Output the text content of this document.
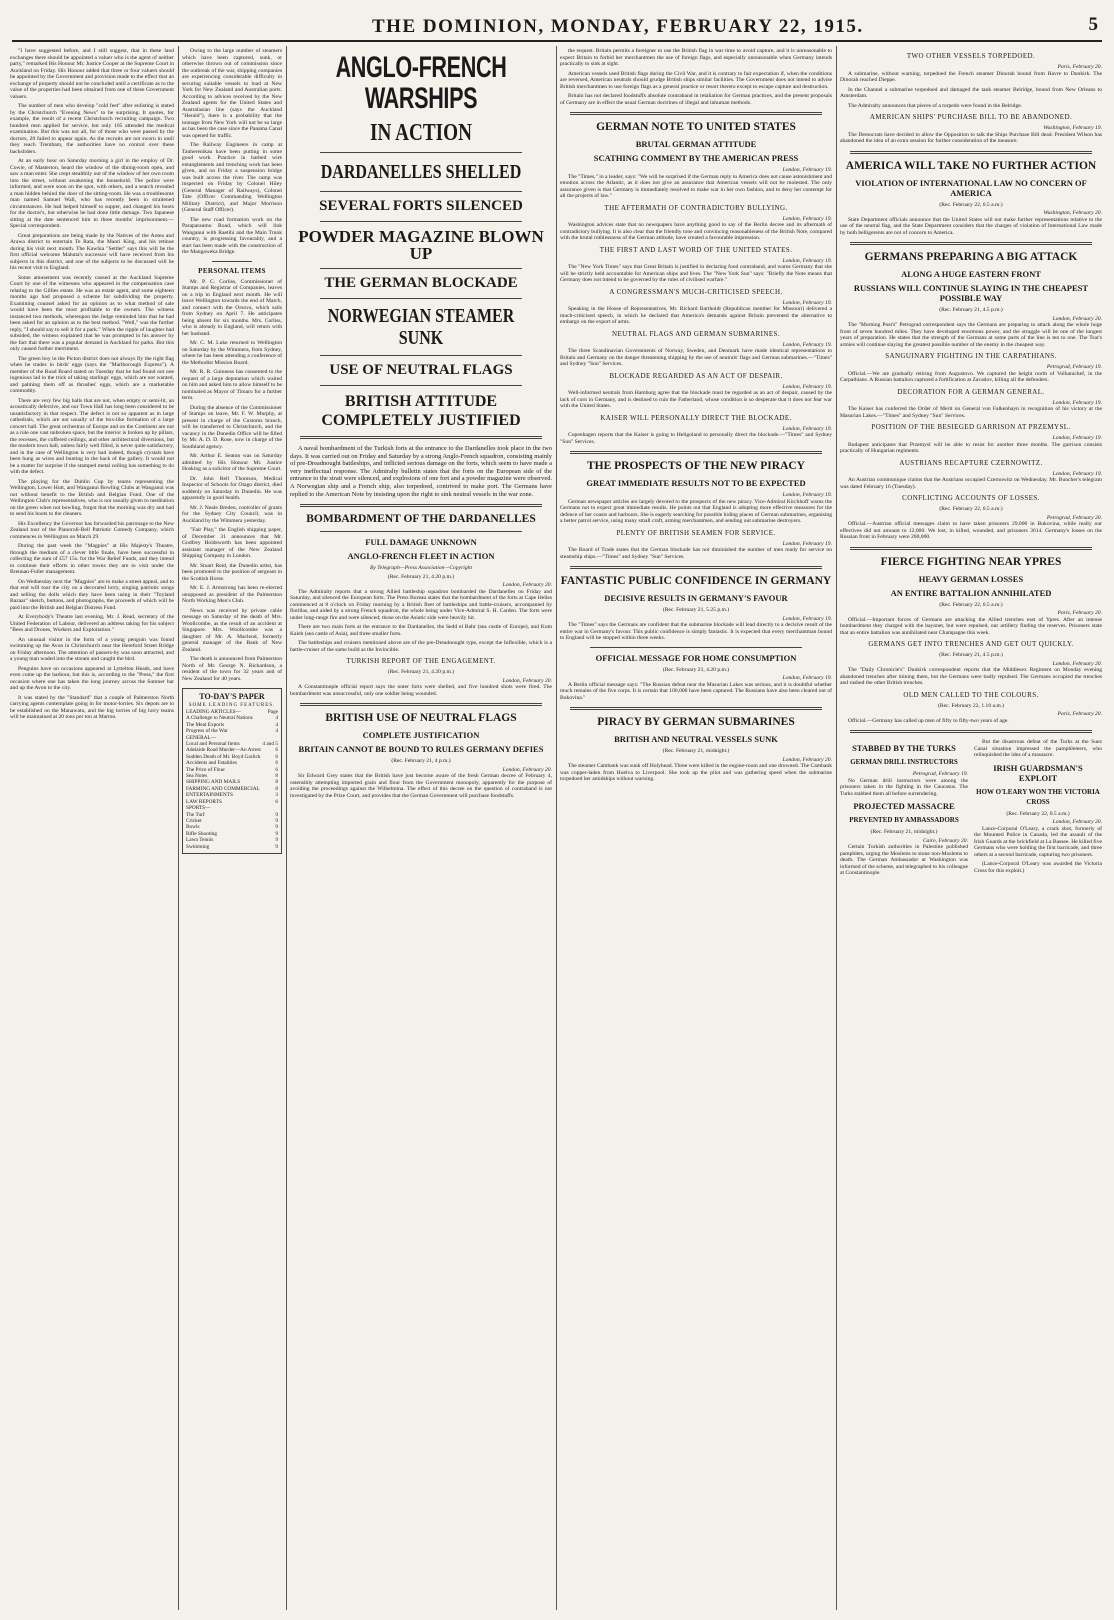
THE DOMINION, MONDAY, FEBRUARY 22, 1915.	5

"I have suggested before, and I still suggest, that in these land exchanges there should be appointed a valuer who is the agent of neither party," remarked His Honour Mr. Justice Cooper at the Supreme Court in Auckland on Friday. His Honour added that three or four valuers should be appointed by the Government and provision made to the effect that an exchange of property should not be concluded until a certificate as to the value of the properties had been obtained from one of these Government valuers.

The number of men who develop "cold feet" after enlisting is stated by the Christchurch "Evening News" to be surprising. It quotes, for example, the result of a recent Christchurch recruiting campaign. Two hundred men applied for service, but only 105 attended the medical examination. But this was not all, for of those who were passed by the doctors, 20 failed to appear again. As the recruits are not sworn in until they reach Trentham, the authorities have no control over these backsliders.

At an early hour on Saturday morning a girl in the employ of Dr. Cowie, of Masterton, heard the window of the dining-room open, and saw a man enter. She crept stealthily out of the window of her own room into the street, without awakening the household. The police were informed, and were soon on the spot, with others, and a search revealed a man hidden behind the door of the sitting-room. He was a troublesome man named Samuel Wall, who has recently been in straitened circumstances. He had helped himself to supper, and changed his boots for the doctor's, but otherwise he had done little damage. Two Japanese sitting at the date sentenced him to three months' imprisonment.—Special correspondent.

Great preparations are being made by the Natives of the Aotea and Arawa district to entertain Te Rata, the Maori King, and his retinue during his visit next month. The Kawhia "Settler" says this will be the first official welcome Mahuta's successor will have received from his subjects in this district, and one of the subjects to be discussed will be his recent visit to England.

Some amusement was recently caused at the Auckland Supreme Court by one of the witnesses who appeared in the compensation case relating to the Gillies estate. He was an estate agent, and some eighteen months ago had proposed a scheme for subdividing the property. Examining counsel asked for an opinion as to what method of sale would have been the most profitable to the owners. The witness instanced two methods, whereupon the Judge reminded him that he had been asked for an opinion as to the best method. "Well," was the further reply, "I should say to sell it for a park." When the ripple of laughter had subsided, the witness explained that he was prompted in his answer by the fact that there was a popular demand in Auckland for parks. But this only caused further merriment.

The green boy in the Picton district does not always fly the right flag when he trades in birds' eggs (says the "Marlborough Express"). A member of the Road Board stated on Tuesday that he had found out one ingenious lad in the trick of taking starlings' eggs, which are not wanted, and palming them off as thrushes' eggs, which are a marketable commodity.

There are very few big halls that are not, when empty or semi-lit, an acoustically defective, and our Town Hall has long been considered to be unsatisfactory in that respect. The defect is not so apparent as in large cathedrals, which are not usually of the box-like formation of a large concert hall. The great orchestras of Europe and on the Continent are not as a rule one vast unbroken space, but the interior is broken up by pillars, the recesses, the coffered ceilings, and other architectural diversions, but the modern town hall, unless fairly well filled, is never quite satisfactory, and in the case of Wellington is very bad indeed, though crystals have been hung as wires and bunting in the back of the gallery. It would not be a matter for surprise if the stamped metal ceiling has something to do with the defect.

The playing for the Dublin Cup by teams representing the Wellington, Lower Hutt, and Wanganui Bowling Clubs at Wanganui was not without benefit to the British and Belgian Fund. One of the Wellington Club's representatives, who is not usually given to meditation on the green when not bowling, forgot that the morning was dry and had to send his boots to the cleaners.

His Excellency the Governor has forwarded his patronage to the New Zealand tour of the Pianoroll-Bell Patriotic Comedy Company, which commences in Wellington on March 29.

During the past week the "Magpies" at His Majesty's Theatre, through the medium of a clever little finale, have been successful in collecting the sum of £57 15s. for the War Relief Funds, and they intend to continue their efforts in other towns they are to visit under the Brennan-Fuller management.

On Wednesday next the "Magpies" are to make a street appeal, and to that end will tour the city on a decorated lorry, singing patriotic songs and selling the dolls which they have been using in their "Toyland Bazaar" sketch, buttons, and photographs, the proceeds of which will be paid into the British and Belgian Distress Fund.

At Everybody's Theatre last evening, Mr. J. Read, secretary of the United Federation of Labour, delivered an address taking for his subject "Bees and Drones, Workers and Exploitation."

An unusual visitor in the form of a young penguin was found swimming up the Avon in Christchurch near the Hereford Street Bridge on Friday afternoon. The attention of passers-by was soon attracted, and a young man waded into the stream and caught the bird.

Penguins have on occasions appeared at Lyttelton Heads, and have even come up the harbour, but this is, according to the "Press," the first occasion where one has taken the long journey across the Sumner bar and up the Avon to the city.

It was stated by the "Standard" that a couple of Palmerston North carrying agents contemplate going in for motor-lorries. Six depots are to be established on the Manawatu, and the big lorries of big lorry teams will be maintained at 20 tons per ton at Marton.

Owing to the large number of steamers which have been captured, sunk, or otherwise thrown out of commission since the outbreak of the war, shipping companies are experiencing considerable difficulty in securing suitable vessels to load at New York for New Zealand and Australian ports. According to advices received by the New Zealand agents for the United States and Australasian line (says the Auckland "Herald"), there is a probability that the tonnage from New York will not be so large as has been the case since the Panama Canal was opened for traffic.

The Railway Engineers in camp at Tauherenikau have been putting in some good work. Practice in barbed wire entanglements and trenching work has been given, and on Friday a suspension bridge was built across the river. The camp was inspected on Friday by Colonel Hiley (General Manager of Railways), Colonel Tate (Officer Commanding Wellington Military District), and Major Morrison (General Staff Officer).

The new road formation work on the Paraparaumu Road, which will link Wanganui with Raetihi and the Main Trunk country, is progressing favourably, and a start has been made with the construction of the Mangaweka Bridge.

PERSONAL ITEMS

Mr. P. C. Corliss, Commissioner of Stamps and Registrar of Companies, leaves on a trip to England next month. He will leave Wellington towards the end of March, and connect with the Orsova, which sails from Sydney on April 7. He anticipates being absent for six months. Mrs. Corliss, who is already in England, will return with her husband.

Mr. C. M. Luke returned to Wellington on Saturday by the Wimmera, from Sydney, where he has been attending a conference of the Methodist Mission Board.

Mr. R. R. Guinness has consented to the request of a large deputation which waited on him and asked him to allow himself to be nominated as Mayor of Timaru for a further term.

During the absence of the Commissioner of Stamps on leave, Mr. F. W. Murphy, at present in charge of the Customs branch, will be transferred to Christchurch, and the vacancy in the Dunedin Office will be filled by Mr. A. D. D. Rose, now in charge of the Southland agency.

Mr. Arthur E. Seaton was on Saturday admitted by His Honour Mr. Justice Hosking as a solicitor of the Supreme Court.

Dr. John Bell Thomson, Medical Inspector of Schools for Otago district, died suddenly on Saturday in Dunedin. He was apparently in good health.

Mr. J. Neale Breden, controller of grants for the Sydney City Council, was in Auckland by the Wimmera yesterday.

"Fair Play," the English shipping paper, of December 31 announces that Mr. Godfrey Holdsworth has been appointed assistant manager of the New Zealand Shipping Company in London.

Mr. Stuart Reid, the Dunedin artist, has been promoted to the position of sergeant in the Scottish Horse.

Mr. E. J. Armstrong has been re-elected unopposed as president of the Palmerston North Working Men's Club.

News was received by private cable message on Saturday of the death of Mrs. Woollcombe, as the result of an accident at Singapore. Mrs. Woollcombe was a daughter of Mr. A. Macleod, formerly general manager of the Bank of New Zealand.

The death is announced from Palmerston North of Mr. George N. Richardson, a resident of the town for 32 years and of New Zealand for 40 years.

TO-DAY'S PAPER
SOME LEADING FEATURES.
LEADING ARTICLES—	Page
A Challenge to Neutral Nations	4
The Meat Exports	4
Progress of the War	4
GENERAL—
Local and Personal Items	4 and 5
Adelaide Road Murder—An Arrest	6
Sudden Death of Mr. Boyd Garlick	6
Accidents and Fatalities	6
The Price of Flour	6
Sea Notes	8
SHIPPING AND MAILS	8
FARMING AND COMMERCIAL	8
ENTERTAINMENTS	3
LAW REPORTS	6
SPORTS—
The Turf	9
Cricket	9
Bowls	9
Rifle Shooting	9
Lawn Tennis	9
Swimming	9
ANGLO-FRENCH WARSHIPS
IN ACTION
DARDANELLES SHELLED
SEVERAL FORTS SILENCED
POWDER MAGAZINE BLOWN UP
THE GERMAN BLOCKADE
NORWEGIAN STEAMER SUNK
USE OF NEUTRAL FLAGS
BRITISH ATTITUDE COMPLETELY JUSTIFIED

A naval bombardment of the Turkish forts at the entrance to the Dardanelles took place in the two days. It was carried out on Friday and Saturday by a strong Anglo-French squadron, consisting mainly of pre-Dreadnought battleships, and inflicted serious damage on the forts, which seem to have made a very ineffectual response. The Admiralty bulletin states that the forts on the European side of the entrance to the strait were silenced, and explosions of one fort and a powder magazine were observed. A Norwegian ship and a French ship, also torpedoed, contrived to make port. The Germans have replied to the American Note by insisting upon the right to sink neutral vessels in the war zone.

BOMBARDMENT OF THE DARDANELLES
FULL DAMAGE UNKNOWN
ANGLO-FRENCH FLEET IN ACTION
By Telegraph—Press Association—Copyright
(Rec. February 21, 4.20 p.m.)
London, February 20.

The Admiralty reports that a strong Allied battleship squadron bombarded the Dardanelles on Friday and Saturday, and silenced the European forts. The Press Bureau states that the bombardment of the forts at Cape Helles commenced at 8 o'clock on Friday morning by a British fleet of battleships and battle-cruisers, accompanied by flotillas, and aided by a strong French squadron, the whole being under Vice-Admiral S. H. Carden. The forts were under long-range fire and were silenced; those on the Asiatic side were heavily hit.

There are two main forts at the entrance to the Dardanelles, the Sedd el Bahr (sea castle of Europe), and Kum Kaleh (sea castle of Asia), and three smaller forts.

The battleships and cruisers mentioned above are of the pre-Dreadnought type, except the Inflexible, which is a battle-cruiser of the same build as the Invincible.

TURKISH REPORT OF THE ENGAGEMENT.
(Rec. February 21, 4.20 p.m.)
London, February 20.

A Constantinople official report says the outer forts were shelled, and five hundred shots were fired. The bombardment was unsuccessful, only one soldier being wounded.

BRITISH USE OF NEUTRAL FLAGS
COMPLETE JUSTIFICATION
BRITAIN CANNOT BE BOUND TO RULES GERMANY DEFIES
(Rec. February 21, 4 p.m.)
London, February 20.

Sir Edward Grey states that the British have just become aware of the fresh German decree of February 4, ostensibly attempting imported grain and flour from the Government monopoly, apparently for the purpose of avoiding the proceedings against the Wilhelmina. The effect of this decree on the question of contraband is not investigated by the Prize Court, and provides that the German Government will purchase foodstuffs.

the request. Britain permits a foreigner to use the British flag in war time to avoid capture, and it is unreasonable to expect Britain to forbid her merchantmen the use of foreign flags, and especially unreasonable when Germany intends practically to sink at sight.

American vessels used British flags during the Civil War, and it is contrary to fair expectation if, when the conditions are reversed, American neutrals should grudge British ships similar facilities. The Government does not intend to advise British merchantmen to use foreign flags as a general practice or resort thereto except to escape capture and destruction.

Britain has not declared foodstuffs absolute contraband in retaliation for German practices, and the present proposals of Germany are in effect the usual German doctrines of illegal and inhuman methods.

GERMAN NOTE TO UNITED STATES
BRUTAL GERMAN ATTITUDE
SCATHING COMMENT BY THE AMERICAN PRESS
London, February 19.

The "Times," in a leader, says: "We will be surprised if the German reply to America does not cause astonishment and emotion across the Atlantic, as it does not give an assurance that American vessels will not be molested. The only assurance given is that Germany is immediately resolved to make war in her own fashion, and to deny her contempt for all the projects of law."

THE AFTERMATH OF CONTRADICTORY BULLYING.
London, February 19.

Washington advices state that no newspapers have anything good to say of the Berlin decree and its aftermath of contradictory bullying. It is also clear that the friendly tone and convincing reasonableness of the British Note, compared with the brutal ruthlessness of the German attitude, have created a favourable impression.

THE FIRST AND LAST WORD OF THE UNITED STATES.
London, February 19.

The "New York Times" says that Great Britain is justified in declaring food contraband, and warns Germany that she will be strictly held accountable for American ships and lives. The "New York Sun" says: "Briefly the Note means that Germany does not intend to be governed by the rules of civilised warfare."

A CONGRESSMAN'S MUCH-CRITICISED SPEECH.
London, February 19.

Speaking in the House of Representatives, Mr. Richard Bartholdt (Republican member for Missouri) delivered a much-criticised speech, in which he declared that America's demands against Britain prevented the alternative to embargo on the export of arms.

NEUTRAL FLAGS AND GERMAN SUBMARINES.
London, February 19.

The three Scandinavian Governments of Norway, Sweden, and Denmark have made identical representations to Britain and Germany on the danger threatening shipping by the use of neutrals' flags and German submarines.—"Times" and Sydney "Sun" Services.

BLOCKADE REGARDED AS AN ACT OF DESPAIR.
London, February 19.

Well-informed neutrals from Hamburg agree that the blockade must be regarded as an act of despair, caused by the lack of corn in Germany, and is destined to ruin the Fatherland, whose condition is so desperate that it does not fear war with the United States.

KAISER WILL PERSONALLY DIRECT THE BLOCKADE.
London, February 19.

Copenhagen reports that the Kaiser is going to Heligoland to personally direct the blockade.—"Times" and Sydney "Sun" Services.

THE PROSPECTS OF THE NEW PIRACY
GREAT IMMEDIATE RESULTS NOT TO BE EXPECTED
London, February 19.

German newspaper articles are largely devoted to the prospects of the new piracy. Vice-Admiral Kirchhoff warns the Germans not to expect great immediate results. He points out that England is adopting more effective measures for the defence of her coasts and harbours. She is eagerly searching for possible hiding places of German submarines, organising a better patrol service, using many small craft, arming merchantmen, and sending out submarine destroyers.

PLENTY OF BRITISH SEAMEN FOR SERVICE.
London, February 19.

The Board of Trade states that the German blockade has not diminished the number of men ready for service on steamship ships.—"Times" and Sydney "Sun" Services.

FANTASTIC PUBLIC CONFIDENCE IN GERMANY
DECISIVE RESULTS IN GERMANY'S FAVOUR
(Rec. February 21, 5.25 p.m.)
London, February 19.

The "Times" says the Germans are confident that the submarine blockade will lead directly to a decisive result of the entire war in Germany's favour. This public confidence is simply fantastic. It is expected that every merchantman bound to England will be stopped within three weeks.

OFFICIAL MESSAGE FOR HOME CONSUMPTION
(Rec. February 21, 4.20 p.m.)
London, February 19.

A Berlin official message says: "The Russian defeat near the Masurian Lakes was serious, and it is doubtful whether much remains of the five corps. It is certain that 100,000 have been captured. The Russians have also been cleared out of Bukovina."

PIRACY BY GERMAN SUBMARINES
BRITISH AND NEUTRAL VESSELS SUNK
(Rec. February 21, midnight.)
London, February 20.

The steamer Cambank was sunk off Holyhead. Three were killed in the engine-room and one drowned. The Cambank was copper-laden from Huelva to Liverpool. She took up the pilot and was gathering speed when the submarine torpedoed her amidships without warning.

TWO OTHER VESSELS TORPEDOED.
Paris, February 20.

A submarine, without warning, torpedoed the French steamer Dinorah bound from Havre to Dunkirk. The Dinorah reached Dieppe.

In the Channel a submarine torpedoed and damaged the tank steamer Belridge, bound from New Orleans to Amsterdam.

The Admiralty announces that pieces of a torpedo were found in the Belridge.

AMERICAN SHIPS' PURCHASE BILL TO BE ABANDONED.
Washington, February 19.

The Democrats have decided to allow the Opposition to talk the Ships Purchase Bill dead. President Wilson has abandoned the idea of an extra session for further consideration of the measure.

AMERICA WILL TAKE NO FURTHER ACTION
VIOLATION OF INTERNATIONAL LAW NO CONCERN OF AMERICA
(Rec. February 22, 0.5 a.m.)
Washington, February 20.

State Department officials announce that the United States will not make further representations relative to the use of the neutral flag, and the State Department considers that the charges of violation of International Law made by both belligerents are not of concern to America.

GERMANS PREPARING A BIG ATTACK
ALONG A HUGE EASTERN FRONT
RUSSIANS WILL CONTINUE SLAYING IN THE CHEAPEST POSSIBLE WAY
(Rec. February 21, 4.5 p.m.)
London, February 20.

The "Morning Post's" Petrograd correspondent says the Germans are preparing to attack along the whole huge front of seven hundred miles. They have developed enormous power, and the struggle will be one of the longest years of preparation. He states that the strength of the Germans at some parts of the line is ten to one. The Tsar's armies will continue slaying the greatest possible number of the enemy in the cheapest way.

SANGUINARY FIGHTING IN THE CARPATHIANS.
Petrograd, February 19.

Official.—We are gradually retiring from Augustovo. We captured the height north of Volhanichef, in the Carpathians. A Russian battalion captured a fortification at Zavadov, killing all the defenders.

DECORATION FOR A GERMAN GENERAL.
London, February 19.

The Kaiser has conferred the Order of Merit on General von Falkenhayn in recognition of his victory at the Masurian Lakes.—"Times" and Sydney "Sun" Services.

POSITION OF THE BESIEGED GARRISON AT PRZEMYSL.
London, February 19.

Budapest anticipates that Przemysl will be able to resist for another three months. The garrison consists practically of Hungarian regiments.

AUSTRIANS RECAPTURE CZERNOWITZ.
London, February 19.

An Austrian communique claims that the Austrians occupied Czernowitz on Wednesday. Mr. Buncher's telegram was dated February 16 (Tuesday).

CONFLICTING ACCOUNTS OF LOSSES.
(Rec. February 22, 0.5 a.m.)
Petrograd, February 20.

Official.—Austrian official messages claim to have taken prisoners 29,000 in Bukovina, while really our effectives did not amount to 12,000. We lost, in killed, wounded, and prisoners 3614. Germany's losses on the Russian front in February were 200,000.

FIERCE FIGHTING NEAR YPRES
HEAVY GERMAN LOSSES
AN ENTIRE BATTALION ANNIHILATED
(Rec. February 22, 0.5 a.m.)
Paris, February 20.

Official.—Important forces of Germans are attacking the Allied trenches east of Ypres. After an intense bombardment they charged with the bayonet, but were repulsed, our artillery finding the reserves. Prisoners state that an entire battalion was annihilated near Champagne this week.

GERMANS GET INTO TRENCHES AND GET OUT QUICKLY.
(Rec. February 21, 4.5 p.m.)
London, February 20.

The "Daily Chronicle's" Dunkirk correspondent reports that the Middlesex Regiment on Monday evening abandoned trenches after mining them, but the Germans were badly repulsed. The Germans occupied the trenches and rushed the other British trenches.

OLD MEN CALLED TO THE COLOURS.
(Rec. February 22, 1.10 a.m.)
Paris, February 20.

Official.—Germany has called up men of fifty to fifty-two years of age.

STABBED BY THE TURKS
GERMAN DRILL INSTRUCTORS
Petrograd, February 19.

No German drill instructors were among the prisoners taken in the fighting in the Caucasus. The Turks stabbed them all before surrendering.

PROJECTED MASSACRE
PREVENTED BY AMBASSADORS
(Rec. February 21, midnight.)
Cairo, February 20.

Certain Turkish authorities in Palestine published pamphlets, urging the Moslems to stone non-Moslems to death. The German Ambassador at Washington was informed of the scheme, and telegraphed to his colleague at Constantinople.

But the disastrous defeat of the Turks at the Suez Canal situation impressed the pamphleteers, who relinquished the idea of a massacre.

IRISH GUARDSMAN'S EXPLOIT
HOW O'LEARY WON THE VICTORIA CROSS
(Rec. February 22, 0.5 a.m.)
London, February 20.

Lance-Corporal O'Leary, a crack shot, formerly of the Mounted Police in Canada, led the assault of the Irish Guards at the brickfield at La Bassee. He killed five Germans who were holding the first barricade, and three others at a second barricade, capturing two prisoners.

(Lance-Corporal O'Leary was awarded the Victoria Cross for this exploit.)
